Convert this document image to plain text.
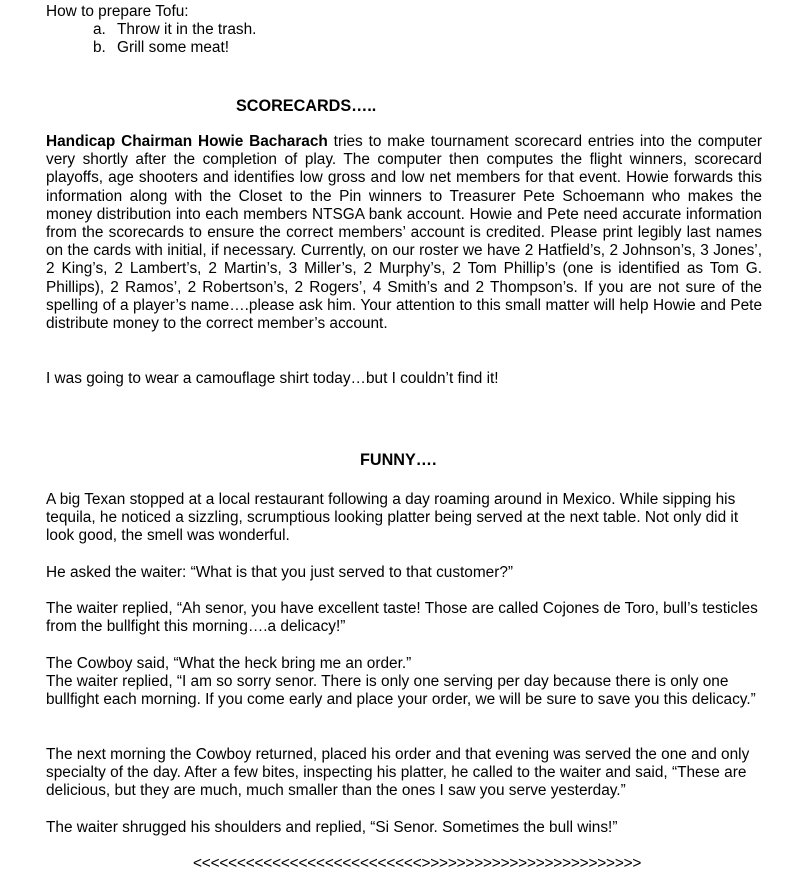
How to prepare Tofu:
a. Throw it in the trash.
b. Grill some meat!
SCORECARDS…..

Handicap Chairman Howie Bacharach tries to make tournament scorecard entries into the computer very shortly after the completion of play. The computer then computes the flight winners, scorecard playoffs, age shooters and identifies low gross and low net members for that event. Howie forwards this information along with the Closet to the Pin winners to Treasurer Pete Schoemann who makes the money distribution into each members NTSGA bank account. Howie and Pete need accurate information from the scorecards to ensure the correct members’ account is credited. Please print legibly last names on the cards with initial, if necessary. Currently, on our roster we have 2 Hatfield’s, 2 Johnson’s, 3 Jones’, 2 King’s, 2 Lambert’s, 2 Martin’s, 3 Miller’s, 2 Murphy’s, 2 Tom Phillip’s (one is identified as Tom G. Phillips), 2 Ramos’, 2 Robertson’s, 2 Rogers’, 4 Smith’s and 2 Thompson’s. If you are not sure of the spelling of a player’s name….please ask him. Your attention to this small matter will help Howie and Pete distribute money to the correct member’s account.

I was going to wear a camouflage shirt today…but I couldn’t find it!

FUNNY….

A big Texan stopped at a local restaurant following a day roaming around in Mexico. While sipping his tequila, he noticed a sizzling, scrumptious looking platter being served at the next table. Not only did it look good, the smell was wonderful.

He asked the waiter: “What is that you just served to that customer?”

The waiter replied, “Ah senor, you have excellent taste! Those are called Cojones de Toro, bull’s testicles from the bullfight this morning….a delicacy!”

The Cowboy said, “What the heck bring me an order.”

The waiter replied, “I am so sorry senor. There is only one serving per day because there is only one bullfight each morning. If you come early and place your order, we will be sure to save you this delicacy.”

The next morning the Cowboy returned, placed his order and that evening was served the one and only specialty of the day. After a few bites, inspecting his platter, he called to the waiter and said, “These are delicious, but they are much, much smaller than the ones I saw you serve yesterday.”

The waiter shrugged his shoulders and replied, “Si Senor. Sometimes the bull wins!”

<<<<<<<<<<<<<<<<<<<<<<<<<<>>>>>>>>>>>>>>>>>>>>>>>>>
